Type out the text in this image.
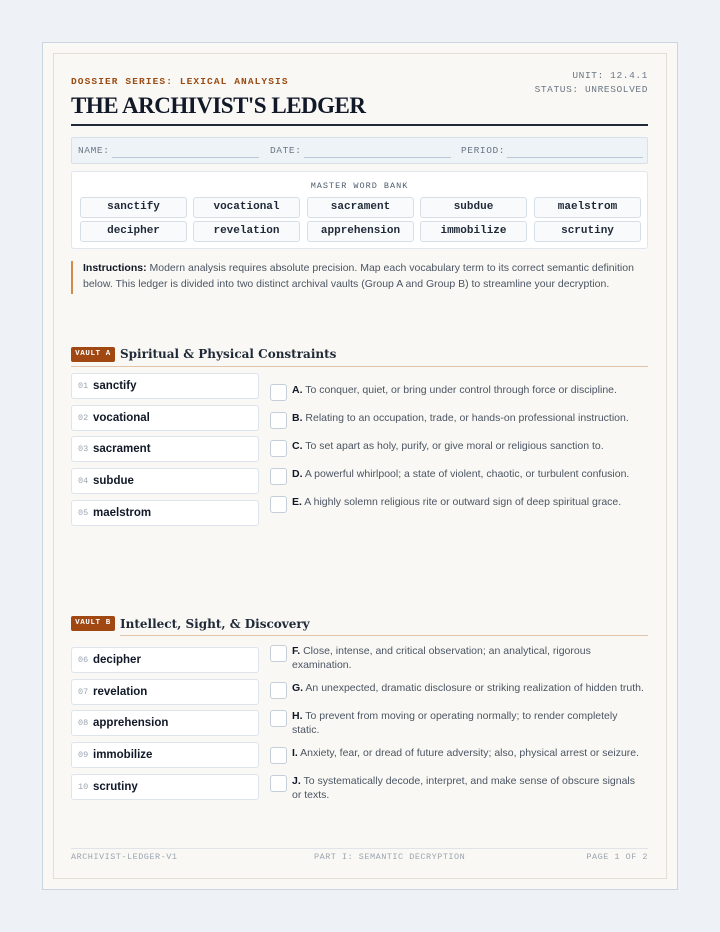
DOSSIER SERIES: LEXICAL ANALYSIS
UNIT: 12.4.1
STATUS: UNRESOLVED
THE ARCHIVIST'S LEDGER
NAME:	DATE:	PERIOD:
MASTER WORD BANK
sanctify	vocational	sacrament	subdue	maelstrom
decipher	revelation	apprehension	immobilize	scrutiny
Instructions: Modern analysis requires absolute precision. Map each vocabulary term to its correct semantic definition below. This ledger is divided into two distinct archival vaults (Group A and Group B) to streamline your decryption.
VAULT A Spiritual & Physical Constraints
01 sanctify
02 vocational
03 sacrament
04 subdue
05 maelstrom
A. To conquer, quiet, or bring under control through force or discipline.
B. Relating to an occupation, trade, or hands-on professional instruction.
C. To set apart as holy, purify, or give moral or religious sanction to.
D. A powerful whirlpool; a state of violent, chaotic, or turbulent confusion.
E. A highly solemn religious rite or outward sign of deep spiritual grace.
VAULT B Intellect, Sight, & Discovery
06 decipher
07 revelation
08 apprehension
09 immobilize
10 scrutiny
F. Close, intense, and critical observation; an analytical, rigorous examination.
G. An unexpected, dramatic disclosure or striking realization of hidden truth.
H. To prevent from moving or operating normally; to render completely static.
I. Anxiety, fear, or dread of future adversity; also, physical arrest or seizure.
J. To systematically decode, interpret, and make sense of obscure signals or texts.
ARCHIVIST-LEDGER-V1	PART I: SEMANTIC DECRYPTION	PAGE 1 OF 2
